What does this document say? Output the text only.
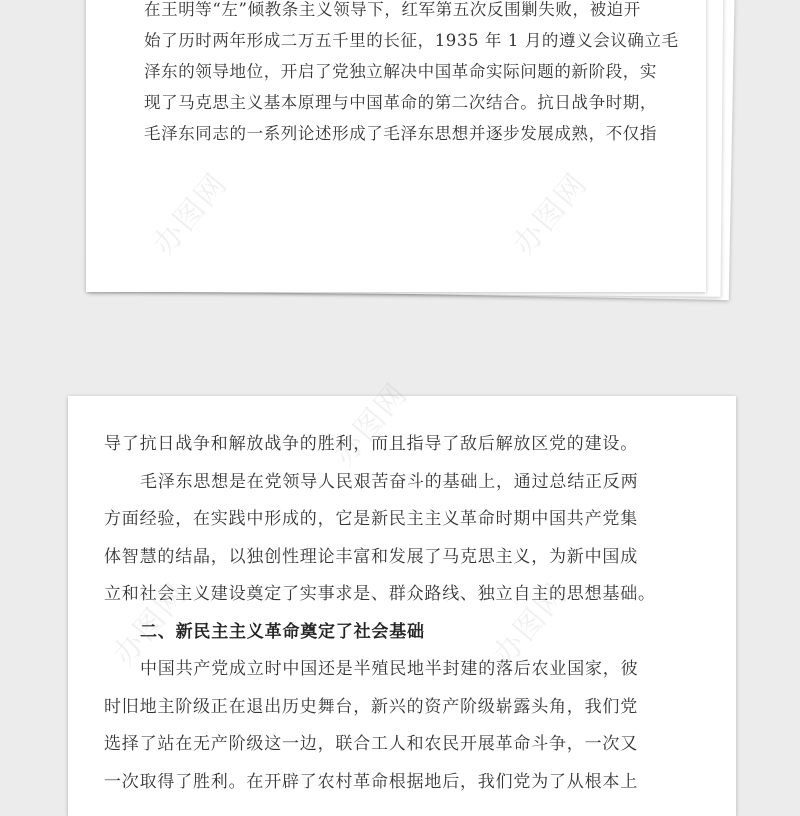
在王明等“左”倾教条主义领导下，红军第五次反围剿失败，被迫开

始了历时两年形成二万五千里的长征，1935 年 1 月的遵义会议确立毛

泽东的领导地位，开启了党独立解决中国革命实际问题的新阶段，实

现了马克思主义基本原理与中国革命的第二次结合。抗日战争时期，

毛泽东同志的一系列论述形成了毛泽东思想并逐步发展成熟，不仅指

导了抗日战争和解放战争的胜利，而且指导了敌后解放区党的建设。

毛泽东思想是在党领导人民艰苦奋斗的基础上，通过总结正反两

方面经验，在实践中形成的，它是新民主主义革命时期中国共产党集

体智慧的结晶，以独创性理论丰富和发展了马克思主义，为新中国成

立和社会主义建设奠定了实事求是、群众路线、独立自主的思想基础。

二、新民主主义革命奠定了社会基础

中国共产党成立时中国还是半殖民地半封建的落后农业国家，彼

时旧地主阶级正在退出历史舞台，新兴的资产阶级崭露头角，我们党

选择了站在无产阶级这一边，联合工人和农民开展革命斗争，一次又

一次取得了胜利。在开辟了农村革命根据地后，我们党为了从根本上
